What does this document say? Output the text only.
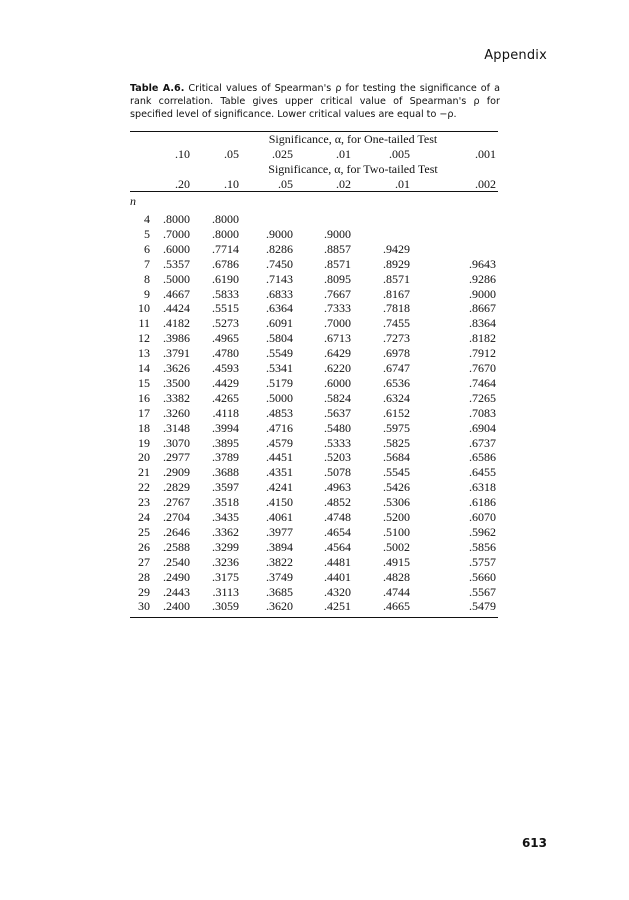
Appendix
Table A.6. Critical values of Spearman's ρ for testing the significance of a rank correlation. Table gives upper critical value of Spearman's ρ for specified level of significance. Lower critical values are equal to −ρ.
Significance, α, for One-tailed Test
Significance, α, for Two-tailed Test
n
.10	.05	.025	.01	.005	.001
.20	.10	.05	.02	.01	.002
4	.8000	.8000
5	.7000	.8000	.9000	.9000
6	.6000	.7714	.8286	.8857	.9429
7	.5357	.6786	.7450	.8571	.8929	.9643
8	.5000	.6190	.7143	.8095	.8571	.9286
9	.4667	.5833	.6833	.7667	.8167	.9000
10	.4424	.5515	.6364	.7333	.7818	.8667
11	.4182	.5273	.6091	.7000	.7455	.8364
12	.3986	.4965	.5804	.6713	.7273	.8182
13	.3791	.4780	.5549	.6429	.6978	.7912
14	.3626	.4593	.5341	.6220	.6747	.7670
15	.3500	.4429	.5179	.6000	.6536	.7464
16	.3382	.4265	.5000	.5824	.6324	.7265
17	.3260	.4118	.4853	.5637	.6152	.7083
18	.3148	.3994	.4716	.5480	.5975	.6904
19	.3070	.3895	.4579	.5333	.5825	.6737
20	.2977	.3789	.4451	.5203	.5684	.6586
21	.2909	.3688	.4351	.5078	.5545	.6455
22	.2829	.3597	.4241	.4963	.5426	.6318
23	.2767	.3518	.4150	.4852	.5306	.6186
24	.2704	.3435	.4061	.4748	.5200	.6070
25	.2646	.3362	.3977	.4654	.5100	.5962
26	.2588	.3299	.3894	.4564	.5002	.5856
27	.2540	.3236	.3822	.4481	.4915	.5757
28	.2490	.3175	.3749	.4401	.4828	.5660
29	.2443	.3113	.3685	.4320	.4744	.5567
30	.2400	.3059	.3620	.4251	.4665	.5479
613
